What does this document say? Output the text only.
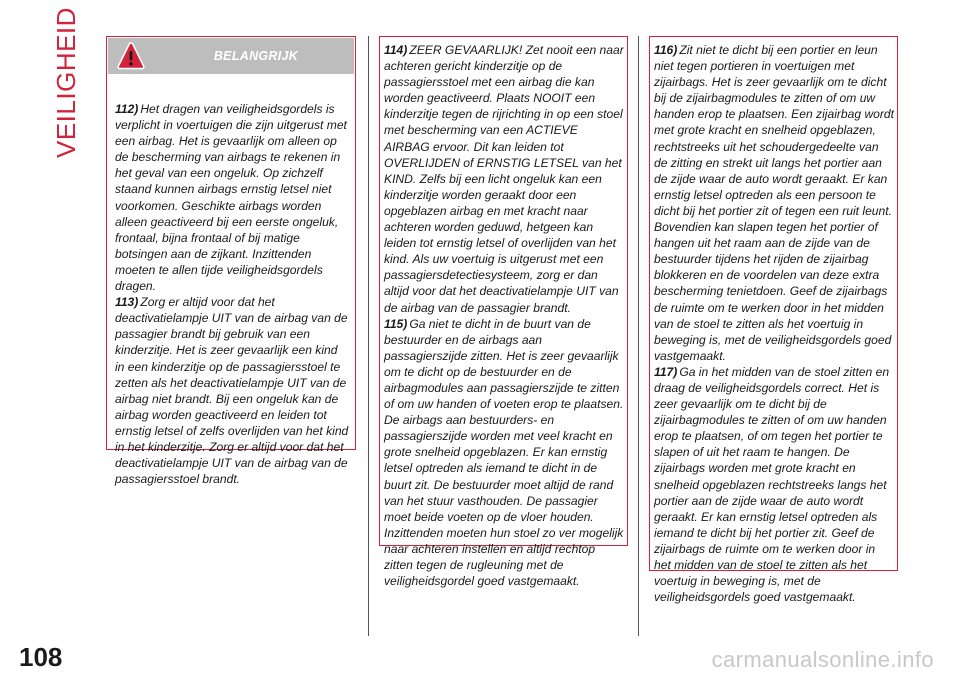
VEILIGHEID	BELANGRIJK

112) Het dragen van veiligheidsgordels is verplicht in voertuigen die zijn uitgerust met een airbag. Het is gevaarlijk om alleen op de bescherming van airbags te rekenen in het geval van een ongeluk. Op zichzelf staand kunnen airbags ernstig letsel niet voorkomen. Geschikte airbags worden alleen geactiveerd bij een eerste ongeluk, frontaal, bijna frontaal of bij matige botsingen aan de zijkant. Inzittenden moeten te allen tijde veiligheidsgordels dragen.

113) Zorg er altijd voor dat het deactivatielampje UIT van de airbag van de passagier brandt bij gebruik van een kinderzitje. Het is zeer gevaarlijk een kind in een kinderzitje op de passagiersstoel te zetten als het deactivatielampje UIT van de airbag niet brandt. Bij een ongeluk kan de airbag worden geactiveerd en leiden tot ernstig letsel of zelfs overlijden van het kind in het kinderzitje. Zorg er altijd voor dat het deactivatielampje UIT van de airbag van de passagiersstoel brandt.

114) ZEER GEVAARLIJK! Zet nooit een naar achteren gericht kinderzitje op de passagiersstoel met een airbag die kan worden geactiveerd. Plaats NOOIT een kinderzitje tegen de rijrichting in op een stoel met bescherming van een ACTIEVE AIRBAG ervoor. Dit kan leiden tot OVERLIJDEN of ERNSTIG LETSEL van het KIND. Zelfs bij een licht ongeluk kan een kinderzitje worden geraakt door een opgeblazen airbag en met kracht naar achteren worden geduwd, hetgeen kan leiden tot ernstig letsel of overlijden van het kind. Als uw voertuig is uitgerust met een passagiersdetectiesysteem, zorg er dan altijd voor dat het deactivatielampje UIT van de airbag van de passagier brandt.

115) Ga niet te dicht in de buurt van de bestuurder en de airbags aan passagierszijde zitten. Het is zeer gevaarlijk om te dicht op de bestuurder en de airbagmodules aan passagierszijde te zitten of om uw handen of voeten erop te plaatsen. De airbags aan bestuurders- en passagierszijde worden met veel kracht en grote snelheid opgeblazen. Er kan ernstig letsel optreden als iemand te dicht in de buurt zit. De bestuurder moet altijd de rand van het stuur vasthouden. De passagier moet beide voeten op de vloer houden. Inzittenden moeten hun stoel zo ver mogelijk naar achteren instellen en altijd rechtop zitten tegen de rugleuning met de veiligheidsgordel goed vastgemaakt.

116) Zit niet te dicht bij een portier en leun niet tegen portieren in voertuigen met zijairbags. Het is zeer gevaarlijk om te dicht bij de zijairbagmodules te zitten of om uw handen erop te plaatsen. Een zijairbag wordt met grote kracht en snelheid opgeblazen, rechtstreeks uit het schoudergedeelte van de zitting en strekt uit langs het portier aan de zijde waar de auto wordt geraakt. Er kan ernstig letsel optreden als een persoon te dicht bij het portier zit of tegen een ruit leunt. Bovendien kan slapen tegen het portier of hangen uit het raam aan de zijde van de bestuurder tijdens het rijden de zijairbag blokkeren en de voordelen van deze extra bescherming tenietdoen. Geef de zijairbags de ruimte om te werken door in het midden van de stoel te zitten als het voertuig in beweging is, met de veiligheidsgordels goed vastgemaakt.

117) Ga in het midden van de stoel zitten en draag de veiligheidsgordels correct. Het is zeer gevaarlijk om te dicht bij de zijairbagmodules te zitten of om uw handen erop te plaatsen, of om tegen het portier te slapen of uit het raam te hangen. De zijairbags worden met grote kracht en snelheid opgeblazen rechtstreeks langs het portier aan de zijde waar de auto wordt geraakt. Er kan ernstig letsel optreden als iemand te dicht bij het portier zit. Geef de zijairbags de ruimte om te werken door in het midden van de stoel te zitten als het voertuig in beweging is, met de veiligheidsgordels goed vastgemaakt.

108	carmanualsonline.info
